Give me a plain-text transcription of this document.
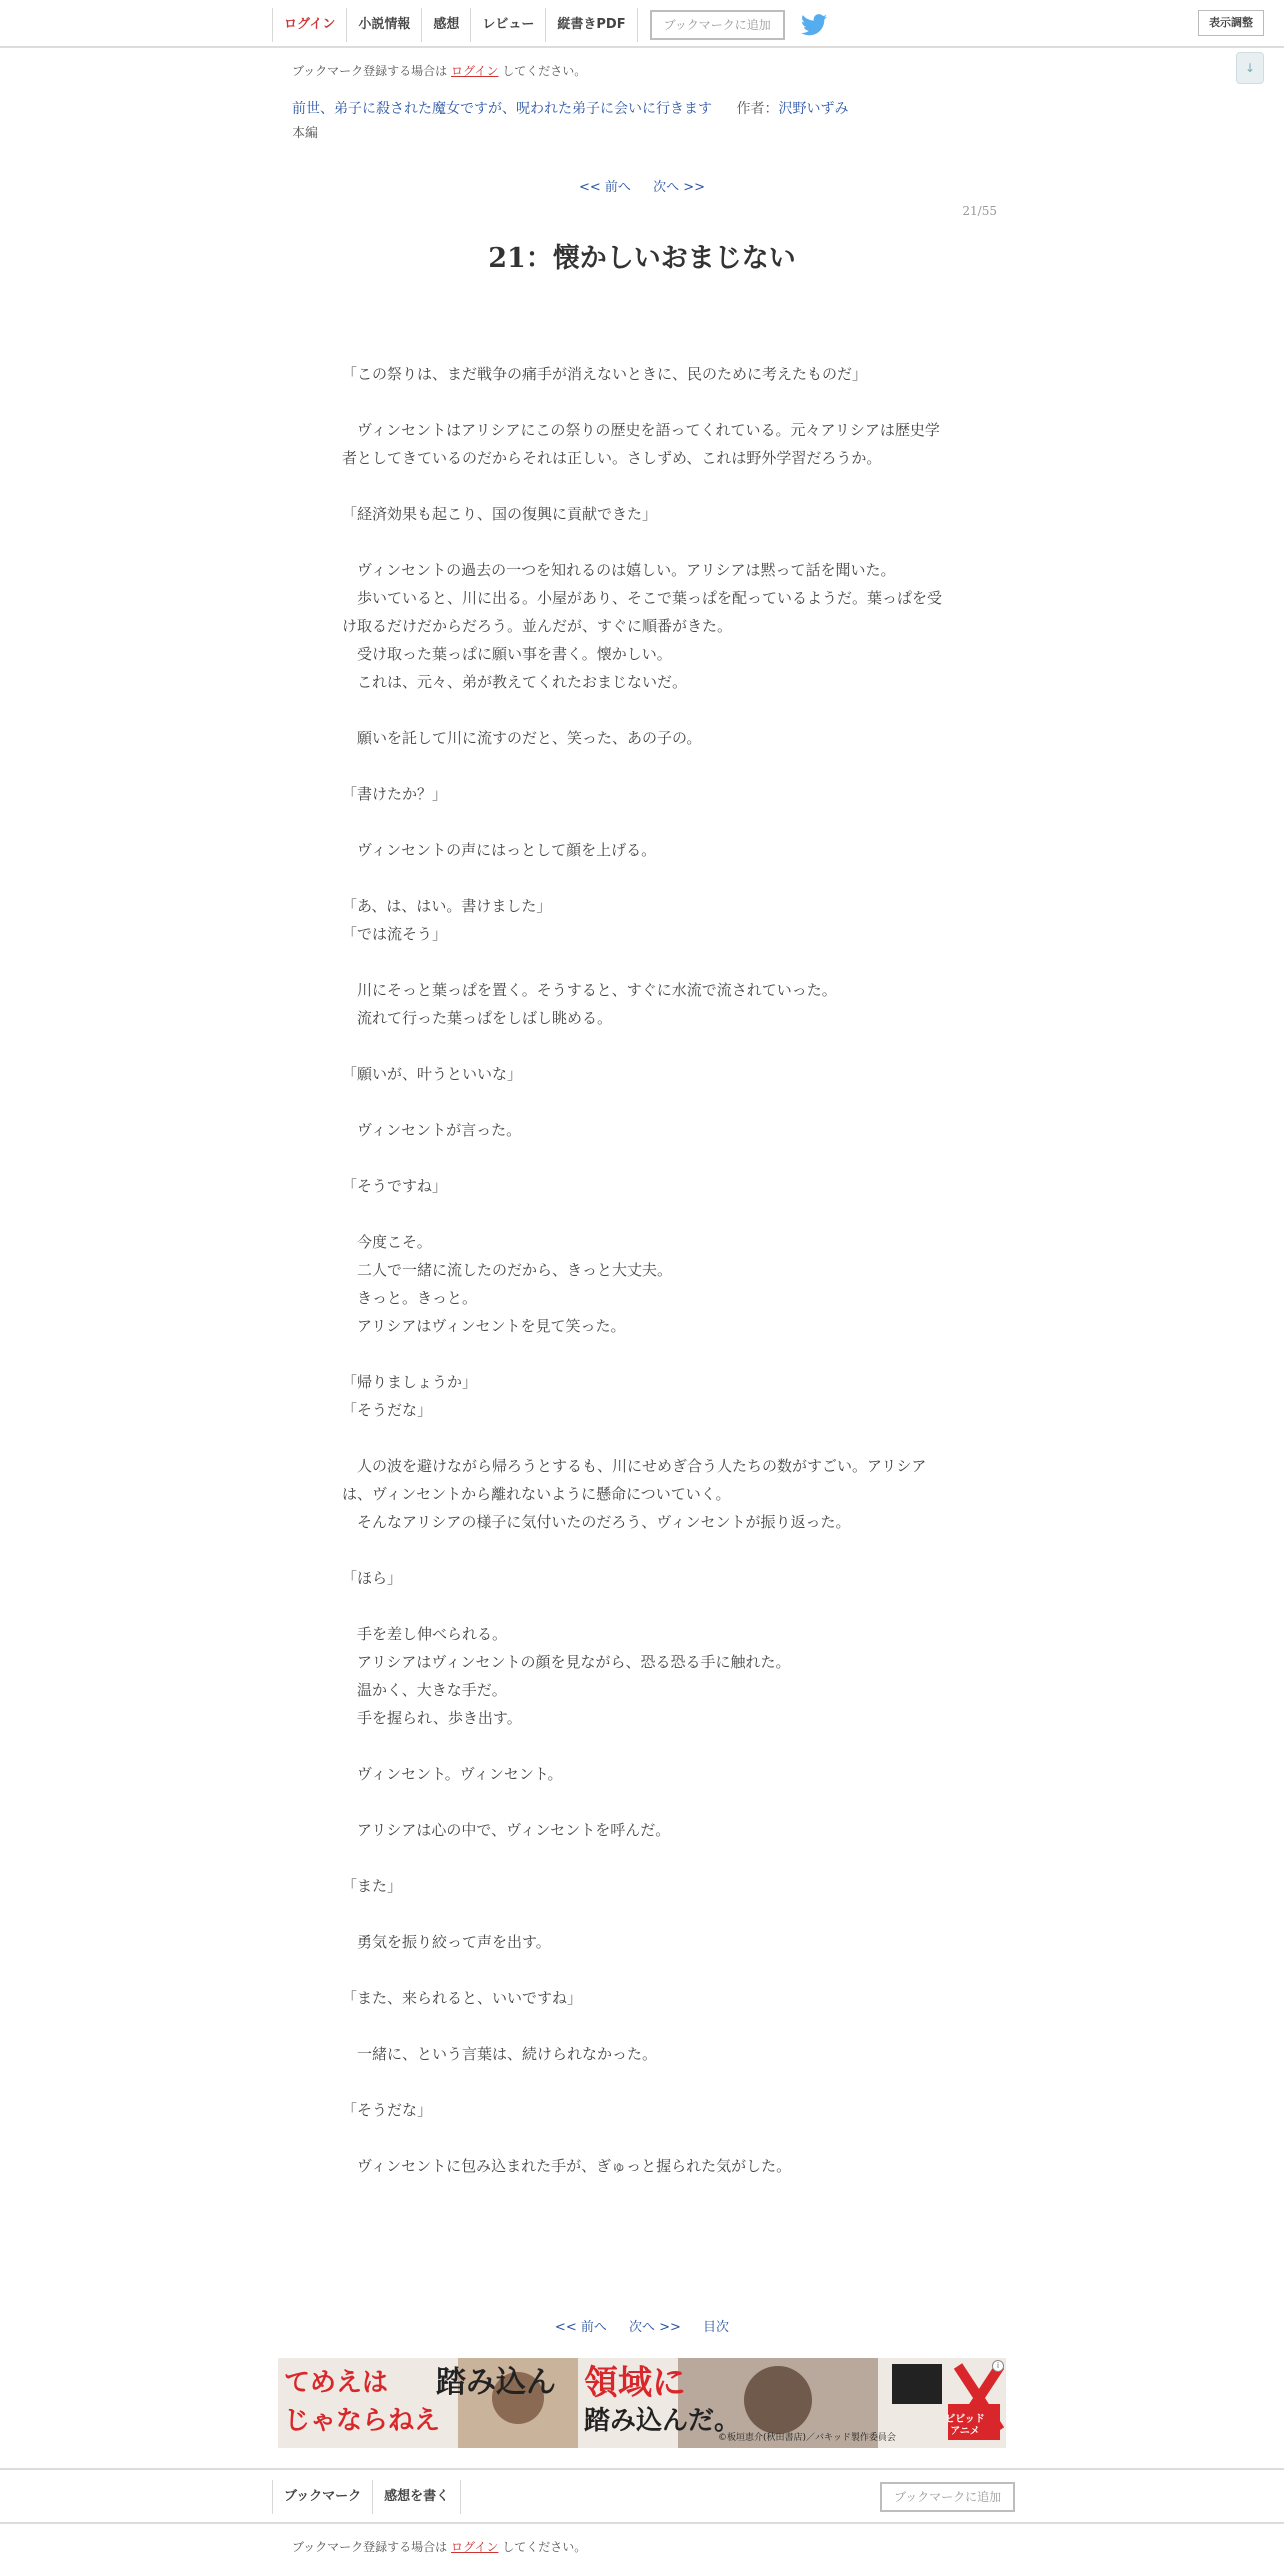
ログイン	小説情報	感想	レビュー	縦書きPDF	ブックマークに追加	表示調整
↓
ブックマーク登録する場合は ログイン してください。
前世、弟子に殺された魔女ですが、呪われた弟子に会いに行きます 作者：沢野いずみ
本編
<< 前へ 次へ >>
21/55
21：懐かしいおまじない

「この祭りは、まだ戦争の痛手が消えないときに、民のために考えたものだ」

　ヴィンセントはアリシアにこの祭りの歴史を語ってくれている。元々アリシアは歴史学者としてきているのだからそれは正しい。さしずめ、これは野外学習だろうか。

「経済効果も起こり、国の復興に貢献できた」

　ヴィンセントの過去の一つを知れるのは嬉しい。アリシアは黙って話を聞いた。

　歩いていると、川に出る。小屋があり、そこで葉っぱを配っているようだ。葉っぱを受け取るだけだからだろう。並んだが、すぐに順番がきた。

　受け取った葉っぱに願い事を書く。懐かしい。

　これは、元々、弟が教えてくれたおまじないだ。

　願いを託して川に流すのだと、笑った、あの子の。

「書けたか？」

　ヴィンセントの声にはっとして顔を上げる。

「あ、は、はい。書けました」

「では流そう」

　川にそっと葉っぱを置く。そうすると、すぐに水流で流されていった。

　流れて行った葉っぱをしばし眺める。

「願いが、叶うといいな」

　ヴィンセントが言った。

「そうですね」

　今度こそ。

　二人で一緒に流したのだから、きっと大丈夫。

　きっと。きっと。

　アリシアはヴィンセントを見て笑った。

「帰りましょうか」

「そうだな」

　人の波を避けながら帰ろうとするも、川にせめぎ合う人たちの数がすごい。アリシアは、ヴィンセントから離れないように懸命についていく。

　そんなアリシアの様子に気付いたのだろう、ヴィンセントが振り返った。

「ほら」

　手を差し伸べられる。

　アリシアはヴィンセントの顔を見ながら、恐る恐る手に触れた。

　温かく、大きな手だ。

　手を握られ、歩き出す。

　ヴィンセント。ヴィンセント。

　アリシアは心の中で、ヴィンセントを呼んだ。

「また」

　勇気を振り絞って声を出す。

「また、来られると、いいですね」

　一緒に、という言葉は、続けられなかった。

「そうだな」

　ヴィンセントに包み込まれた手が、ぎゅっと握られた気がした。

<< 前へ 次へ >> 目次
てめえは
じゃならねえ
踏み込ん 領域に
踏み込んだ。
©板垣恵介(秋田書店)／バキッド製作委員会
ビビッドアニメ
i
ブックマーク	感想を書く	ブックマークに追加
ブックマーク登録する場合は ログイン してください。
